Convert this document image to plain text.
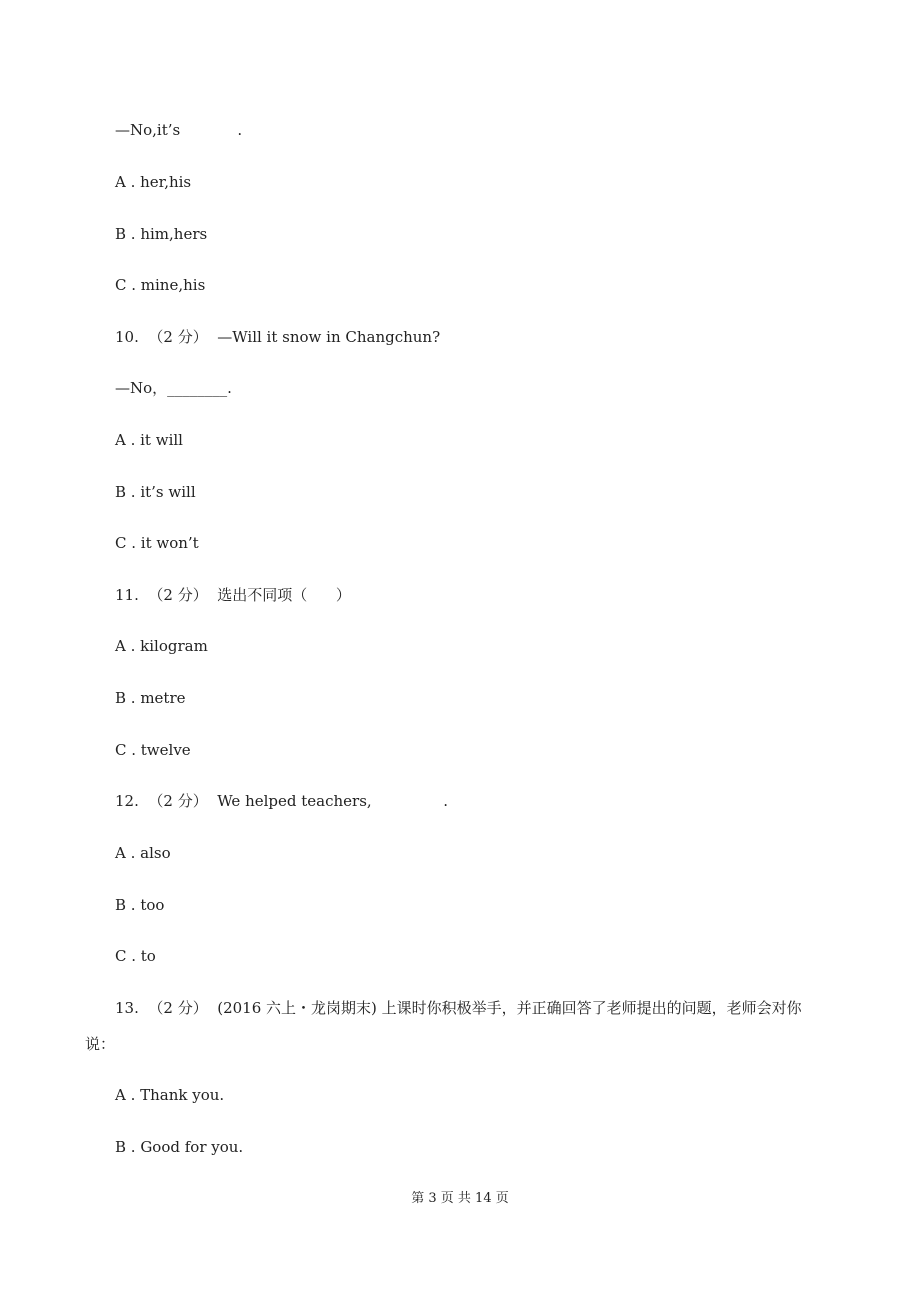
—No,it’s            .
A . her,his
B . him,hers
C . mine,his
10.  （2 分）  —Will it snow in Changchun?
—No，________.
A . it will
B . it’s will
C . it won’t
11.  （2 分）  选出不同项（      ）
A . kilogram
B . metre
C . twelve
12.  （2 分）  We helped teachers,               .
A . also
B . too
C . to
13.  （2 分）  (2016 六上・龙岗期末) 上课时你积极举手，并正确回答了老师提出的问题，老师会对你
说：
A . Thank you.
B . Good for you.
第 3 页 共 14 页
